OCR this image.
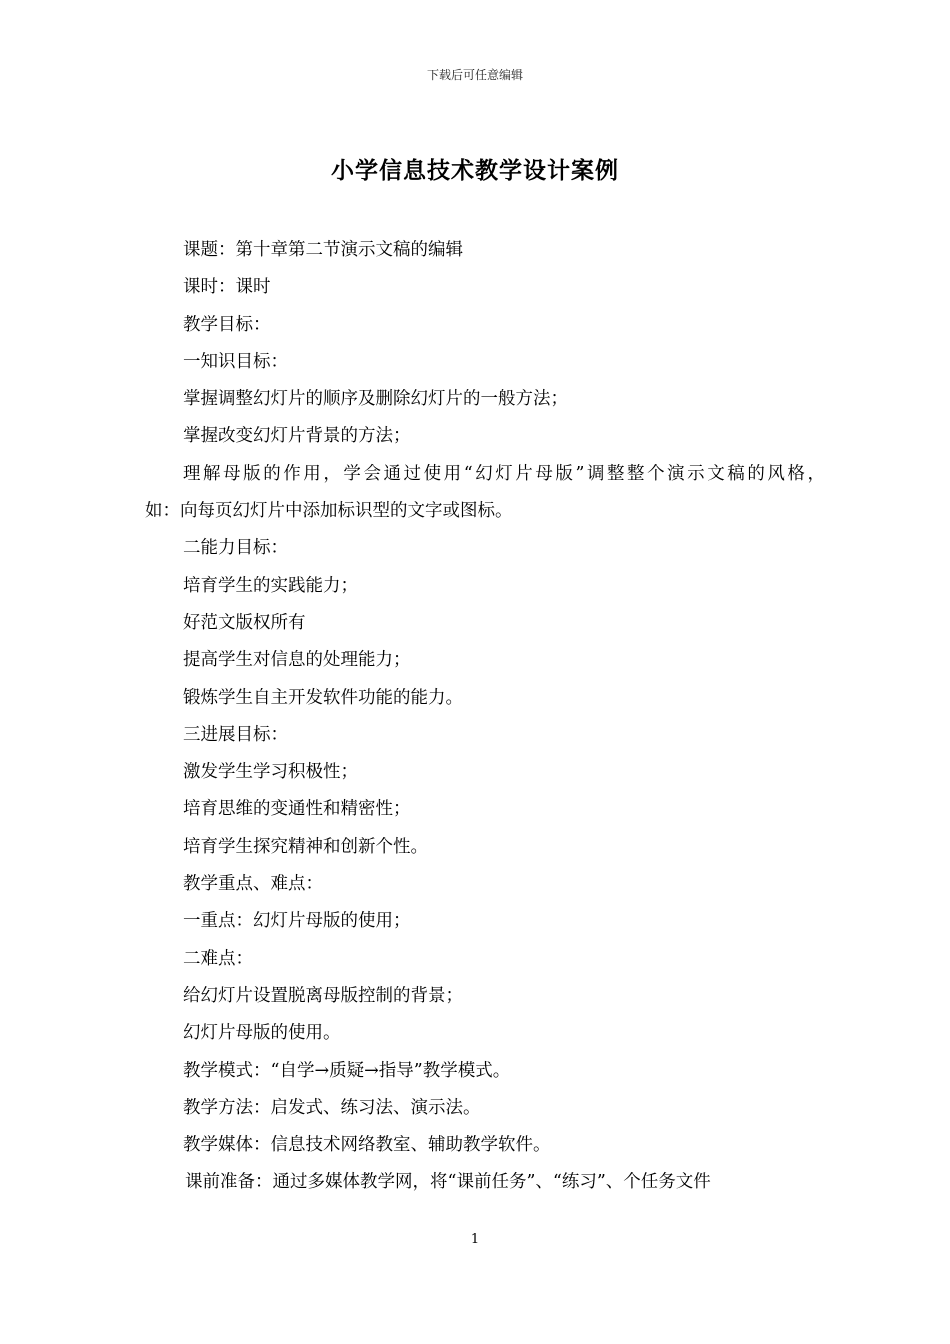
下载后可任意编辑
小学信息技术教学设计案例
课题：第十章第二节演示文稿的编辑
课时：课时
教学目标：
一知识目标：
掌握调整幻灯片的顺序及删除幻灯片的一般方法；
掌握改变幻灯片背景的方法；
理解母版的作用，学会通过使用“幻灯片母版”调整整个演示文稿的风格，
如：向每页幻灯片中添加标识型的文字或图标。
二能力目标：
培育学生的实践能力；
好范文版权所有
提高学生对信息的处理能力；
锻炼学生自主开发软件功能的能力。
三进展目标：
激发学生学习积极性；
培育思维的变通性和精密性；
培育学生探究精神和创新个性。
教学重点、难点：
一重点：幻灯片母版的使用；
二难点：
给幻灯片设置脱离母版控制的背景；
幻灯片母版的使用。
教学模式：“自学→质疑→指导”教学模式。
教学方法：启发式、练习法、演示法。
教学媒体：信息技术网络教室、辅助教学软件。
课前准备：通过多媒体教学网，将“课前任务”、“练习”、个任务文件
1
